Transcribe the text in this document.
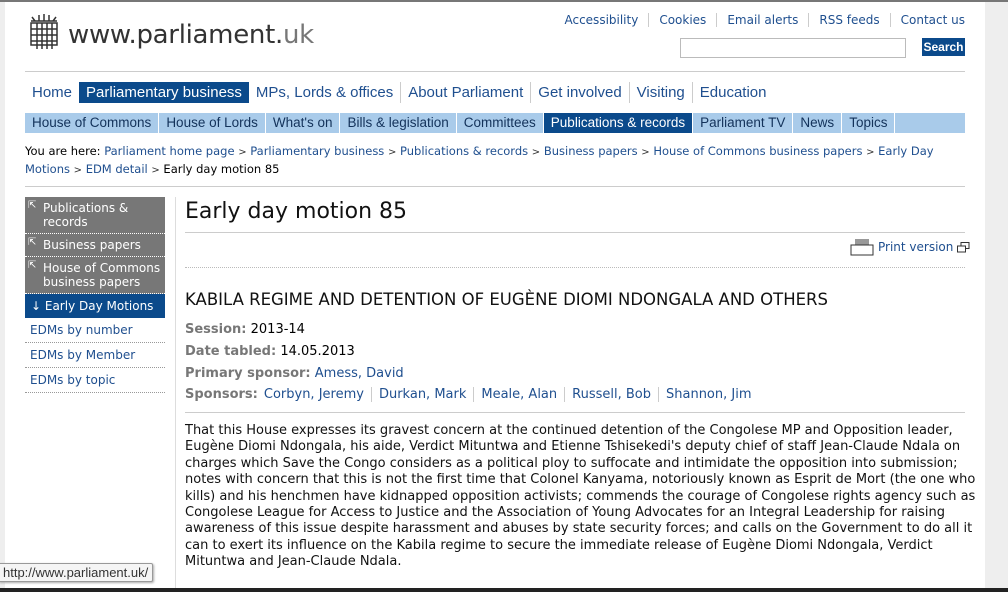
www.parliament.uk	Accessibility	Cookies	Email alerts	RSS feeds	Contact us
Search
Home Parliamentary business MPs, Lords & offices	About Parliament	Get involved	Visiting	Education
House of Commons	House of Lords	What's on	Bills & legislation	Committees	Publications & records	Parliament TV	News	Topics
You are here: Parliament home page > Parliamentary business > Publications & records > Business papers > House of Commons business papers > Early Day Motions > EDM detail > Early day motion 85
⇱ Publications & records
⇱ Business papers
⇱ House of Commons business papers
↓ Early Day Motions
EDMs by number
EDMs by Member
EDMs by topic
Early day motion 85
Print version
KABILA REGIME AND DETENTION OF EUGÈNE DIOMI NDONGALA AND OTHERS
Session: 2013-14
Date tabled: 14.05.2013
Primary sponsor: Amess, David
Sponsors: Corbyn, Jeremy	Durkan, Mark	Meale, Alan	Russell, Bob	Shannon, Jim
That this House expresses its gravest concern at the continued detention of the Congolese MP and Opposition leader, Eugène Diomi Ndongala, his aide, Verdict Mituntwa and Etienne Tshisekedi's deputy chief of staff Jean-Claude Ndala on charges which Save the Congo considers as a political ploy to suffocate and intimidate the opposition into submission; notes with concern that this is not the first time that Colonel Kanyama, notoriously known as Esprit de Mort (the one who kills) and his henchmen have kidnapped opposition activists; commends the courage of Congolese rights agency such as Congolese League for Access to Justice and the Association of Young Advocates for an Integral Leadership for raising awareness of this issue despite harassment and abuses by state security forces; and calls on the Government to do all it can to exert its influence on the Kabila regime to secure the immediate release of Eugène Diomi Ndongala, Verdict Mituntwa and Jean-Claude Ndala.
http://www.parliament.uk/
